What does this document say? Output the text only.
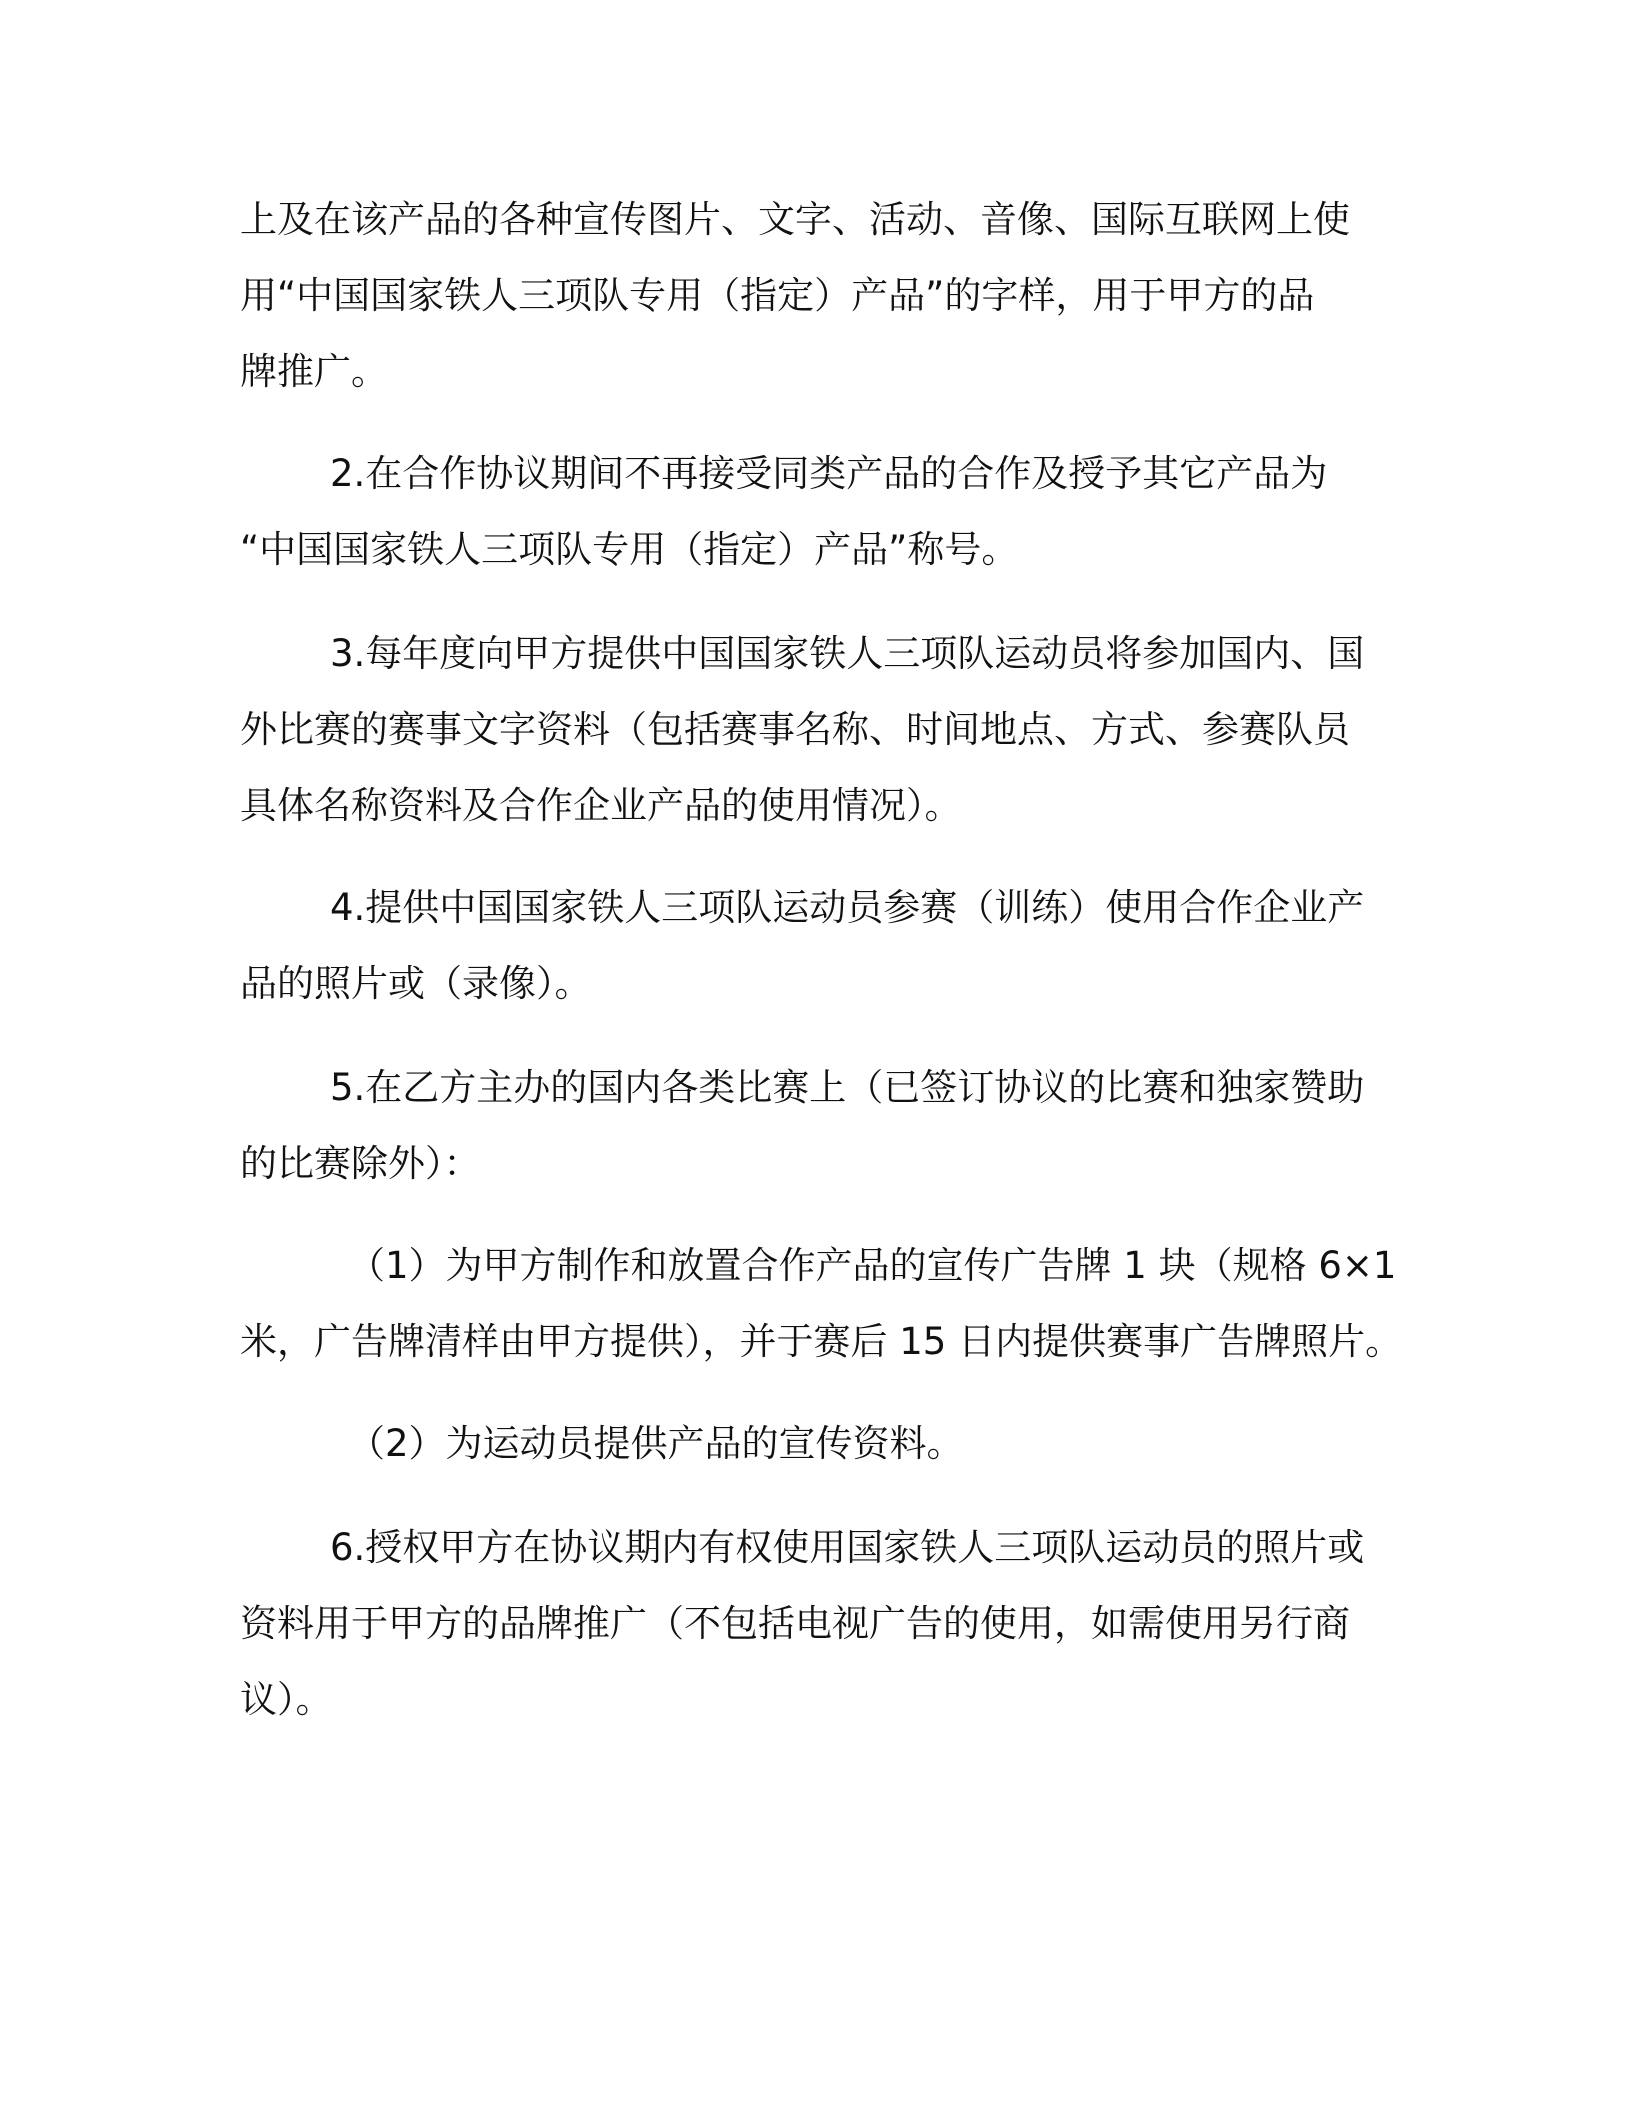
上及在该产品的各种宣传图片、文字、活动、音像、国际互联网上使
用“中国国家铁人三项队专用（指定）产品”的字样，用于甲方的品
牌推广。
2.在合作协议期间不再接受同类产品的合作及授予其它产品为
“中国国家铁人三项队专用（指定）产品”称号。
3.每年度向甲方提供中国国家铁人三项队运动员将参加国内、国
外比赛的赛事文字资料（包括赛事名称、时间地点、方式、参赛队员
具体名称资料及合作企业产品的使用情况）。
4.提供中国国家铁人三项队运动员参赛（训练）使用合作企业产
品的照片或（录像）。
5.在乙方主办的国内各类比赛上（已签订协议的比赛和独家赞助
的比赛除外）：
（1）为甲方制作和放置合作产品的宣传广告牌 1 块（规格 6×1
米，广告牌清样由甲方提供），并于赛后 15 日内提供赛事广告牌照片。
（2）为运动员提供产品的宣传资料。
6.授权甲方在协议期内有权使用国家铁人三项队运动员的照片或
资料用于甲方的品牌推广（不包括电视广告的使用，如需使用另行商
议）。
